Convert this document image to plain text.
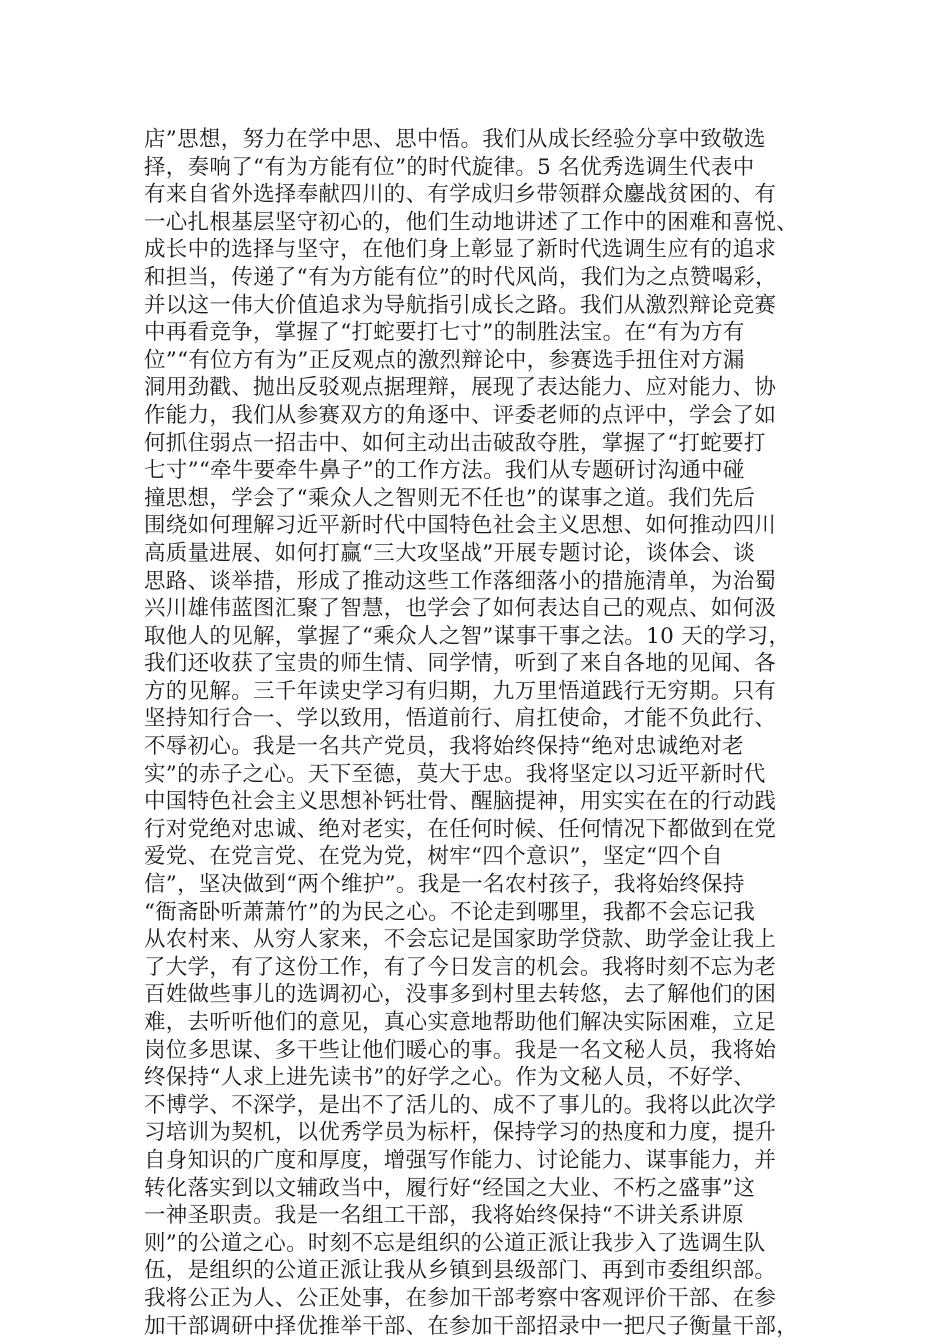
店”思想，努力在学中思、思中悟。我们从成长经验分享中致敬选
择，奏响了“有为方能有位”的时代旋律。5 名优秀选调生代表中
有来自省外选择奉献四川的、有学成归乡带领群众鏖战贫困的、有
一心扎根基层坚守初心的，他们生动地讲述了工作中的困难和喜悦、
成长中的选择与坚守，在他们身上彰显了新时代选调生应有的追求
和担当，传递了“有为方能有位”的时代风尚，我们为之点赞喝彩，
并以这一伟大价值追求为导航指引成长之路。我们从激烈辩论竞赛
中再看竞争，掌握了“打蛇要打七寸”的制胜法宝。在“有为方有
位”“有位方有为”正反观点的激烈辩论中，参赛选手扭住对方漏
洞用劲戳、抛出反驳观点据理辩，展现了表达能力、应对能力、协
作能力，我们从参赛双方的角逐中、评委老师的点评中，学会了如
何抓住弱点一招击中、如何主动出击破敌夺胜，掌握了“打蛇要打
七寸”“牵牛要牵牛鼻子”的工作方法。我们从专题研讨沟通中碰
撞思想，学会了“乘众人之智则无不任也”的谋事之道。我们先后
围绕如何理解习近平新时代中国特色社会主义思想、如何推动四川
高质量进展、如何打赢“三大攻坚战”开展专题讨论，谈体会、谈
思路、谈举措，形成了推动这些工作落细落小的措施清单，为治蜀
兴川雄伟蓝图汇聚了智慧，也学会了如何表达自己的观点、如何汲
取他人的见解，掌握了“乘众人之智”谋事干事之法。10 天的学习，
我们还收获了宝贵的师生情、同学情，听到了来自各地的见闻、各
方的见解。三千年读史学习有归期，九万里悟道践行无穷期。只有
坚持知行合一、学以致用，悟道前行、肩扛使命，才能不负此行、
不辱初心。我是一名共产党员，我将始终保持“绝对忠诚绝对老
实”的赤子之心。天下至德，莫大于忠。我将坚定以习近平新时代
中国特色社会主义思想补钙壮骨、醒脑提神，用实实在在的行动践
行对党绝对忠诚、绝对老实，在任何时候、任何情况下都做到在党
爱党、在党言党、在党为党，树牢“四个意识”，坚定“四个自
信”，坚决做到“两个维护”。我是一名农村孩子，我将始终保持
“衙斋卧听萧萧竹”的为民之心。不论走到哪里，我都不会忘记我
从农村来、从穷人家来，不会忘记是国家助学贷款、助学金让我上
了大学，有了这份工作，有了今日发言的机会。我将时刻不忘为老
百姓做些事儿的选调初心，没事多到村里去转悠，去了解他们的困
难，去听听他们的意见，真心实意地帮助他们解决实际困难，立足
岗位多思谋、多干些让他们暖心的事。我是一名文秘人员，我将始
终保持“人求上进先读书”的好学之心。作为文秘人员，不好学、
不博学、不深学，是出不了活儿的、成不了事儿的。我将以此次学
习培训为契机，以优秀学员为标杆，保持学习的热度和力度，提升
自身知识的广度和厚度，增强写作能力、讨论能力、谋事能力，并
转化落实到以文辅政当中，履行好“经国之大业、不朽之盛事”这
一神圣职责。我是一名组工干部，我将始终保持“不讲关系讲原
则”的公道之心。时刻不忘是组织的公道正派让我步入了选调生队
伍，是组织的公道正派让我从乡镇到县级部门、再到市委组织部。
我将公正为人、公正处事，在参加干部考察中客观评价干部、在参
加干部调研中择优推举干部、在参加干部招录中一把尺子衡量干部，
